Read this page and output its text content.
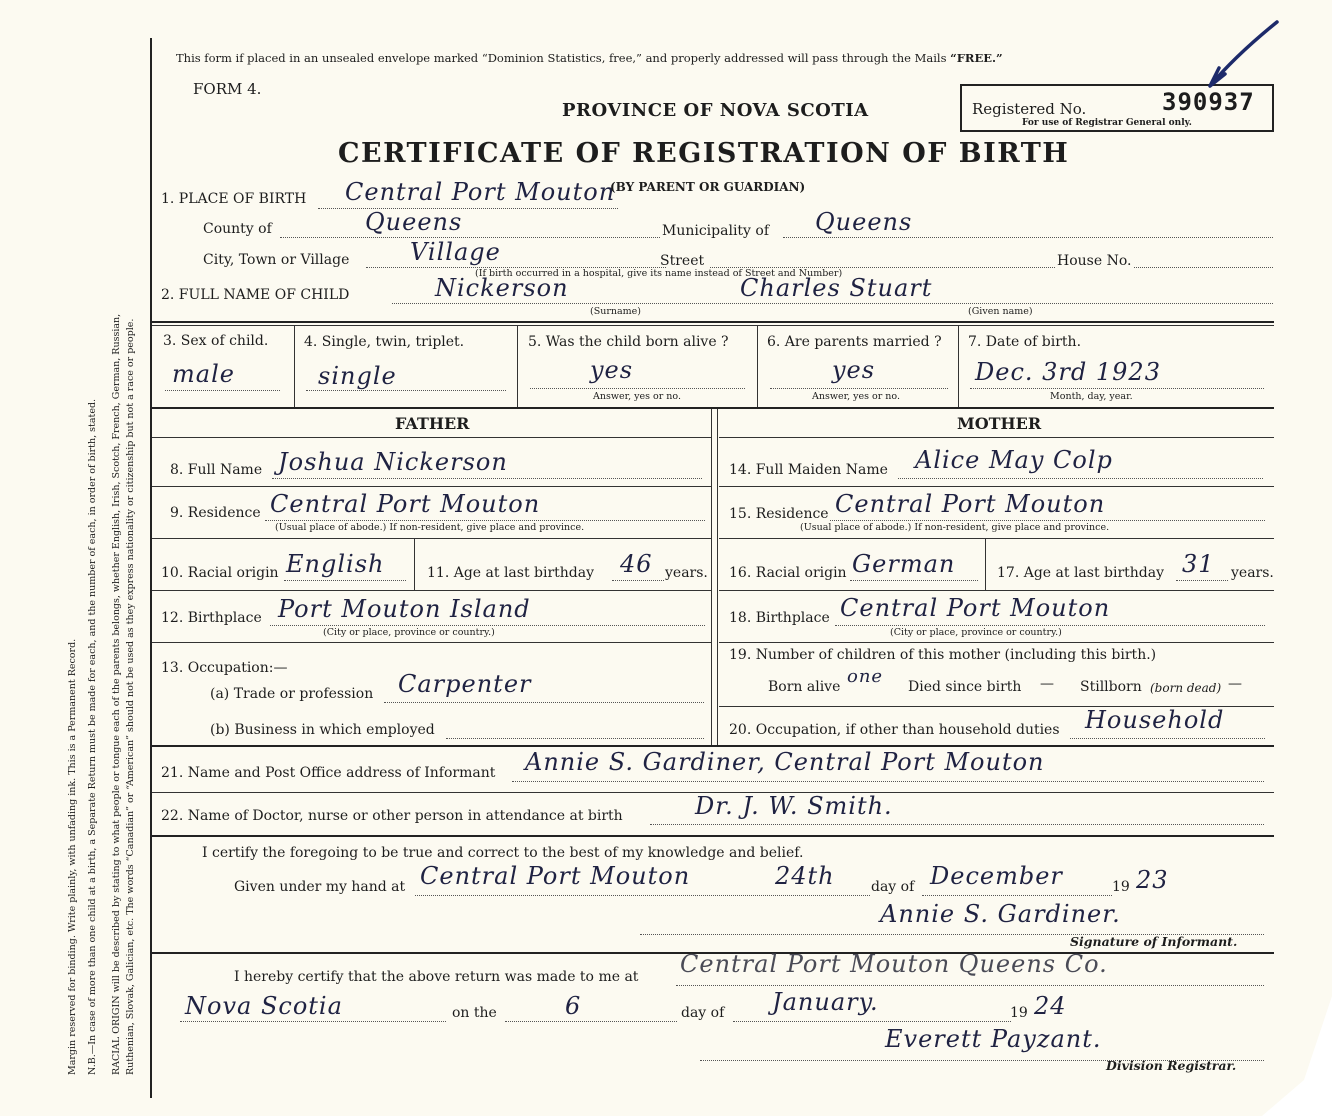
Margin reserved for binding. Write plainly, with unfading ink. This is a Permanent Record. N.B.—In case of more than one child at a birth, a Separate Return must be made for each, and the number of each, in order of birth, stated. RACIAL ORIGIN will be described by stating to what people or tongue each of the parents belongs, whether English, Irish, Scotch, French, German, Russian, Ruthenian, Slovak, Galician, etc. The words “Canadian” or “American” should not be used as they express nationality or citizenship but not a race or people.
This form if placed in an unsealed envelope marked “Dominion Statistics, free,” and properly addressed will pass through the Mails “FREE.”
FORM 4.
PROVINCE OF NOVA SCOTIA	Registered No.	390937
For use of Registrar General only.
CERTIFICATE OF REGISTRATION OF BIRTH
1. PLACE OF BIRTH Central Port Mouton
(BY PARENT OR GUARDIAN)
County of	Queens	Municipality of Queens
City, Town or Village	Village	Street	House No.
(If birth occurred in a hospital, give its name instead of Street and Number)
2. FULL NAME OF CHILD	Nickerson	Charles Stuart
(Surname)	(Given name)
3. Sex of child.
male
4. Single, twin, triplet.
single
5. Was the child born alive ?
yes
Answer, yes or no.
6. Are parents married ?
yes
Answer, yes or no.
7. Date of birth.
Dec. 3rd 1923
Month, day, year.
FATHER	MOTHER
8. Full Name Joshua Nickerson	14. Full Maiden Name Alice May Colp
9. Residence Central Port Mouton
(Usual place of abode.) If non-resident, give place and province.
15. Residence Central Port Mouton
(Usual place of abode.) If non-resident, give place and province.
10. Racial origin English	11. Age at last birthday 46 years. 16. Racial origin German	17. Age at last birthday 31 years.
12. Birthplace Port Mouton Island
(City or place, province or country.)
18. Birthplace Central Port Mouton
(City or place, province or country.)
13. Occupation:—
(a) Trade or profession Carpenter
(b) Business in which employed
19. Number of children of this mother (including this birth.)
Born alive one Died since birth — Stillborn (born dead) —
20. Occupation, if other than household duties Household
21. Name and Post Office address of Informant Annie S. Gardiner, Central Port Mouton
22. Name of Doctor, nurse or other person in attendance at birth	Dr. J. W. Smith.
I certify the foregoing to be true and correct to the best of my knowledge and belief.
Given under my hand at Central Port Mouton	24th	day of December	19 23
Annie S. Gardiner.
Signature of Informant.
I hereby certify that the above return was made to me at Central Port Mouton Queens Co.
Nova Scotia	on the	6	day of January.	19 24
Everett Payzant.
Division Registrar.
